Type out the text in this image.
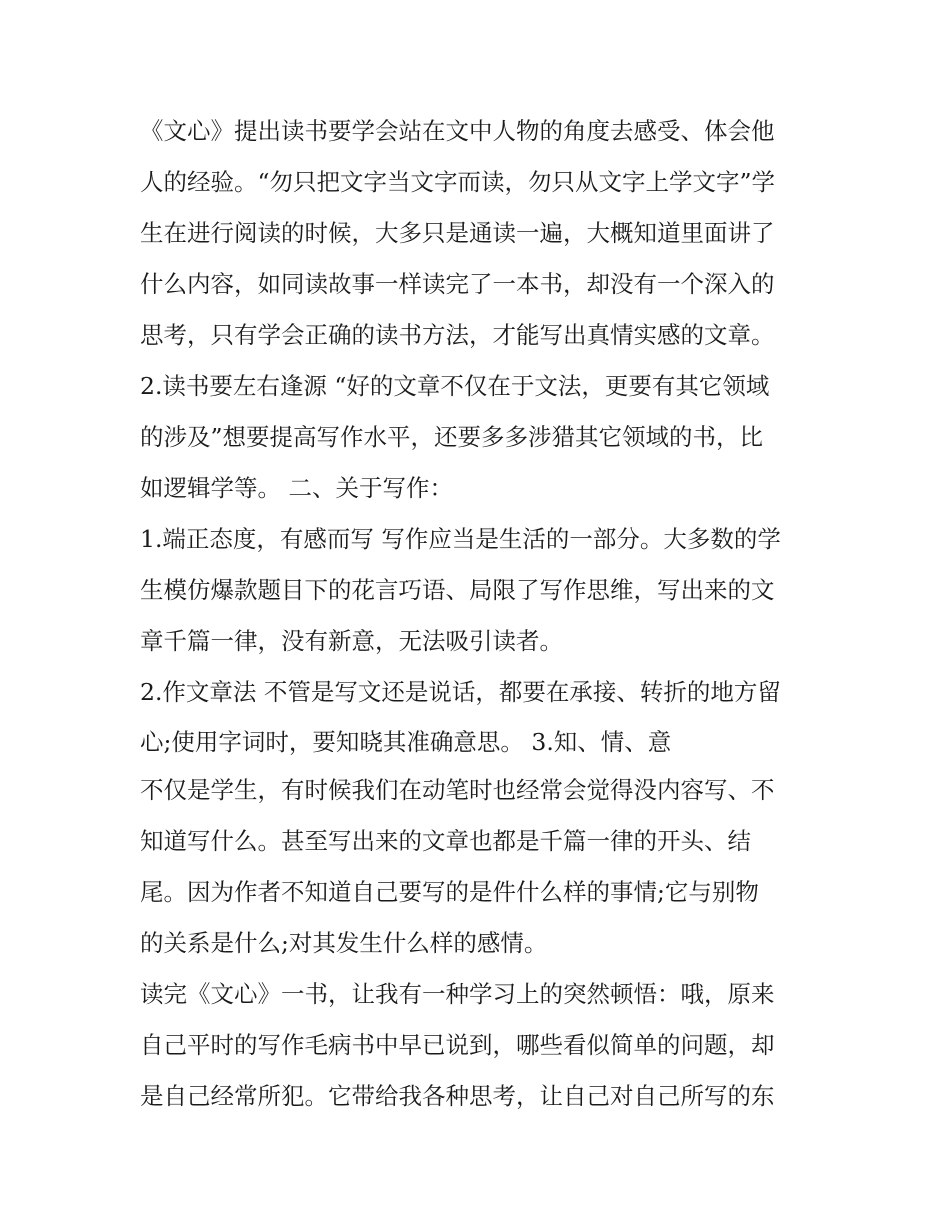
《文心》提出读书要学会站在文中人物的角度去感受、体会他
人的经验。“勿只把文字当文字而读，勿只从文字上学文字”学
生在进行阅读的时候，大多只是通读一遍，大概知道里面讲了
什么内容，如同读故事一样读完了一本书，却没有一个深入的
思考，只有学会正确的读书方法，才能写出真情实感的文章。
2.读书要左右逢源 “好的文章不仅在于文法，更要有其它领域
的涉及”想要提高写作水平，还要多多涉猎其它领域的书，比
如逻辑学等。 二、关于写作：
1.端正态度，有感而写 写作应当是生活的一部分。大多数的学
生模仿爆款题目下的花言巧语、局限了写作思维，写出来的文
章千篇一律，没有新意，无法吸引读者。
2.作文章法 不管是写文还是说话，都要在承接、转折的地方留
心;使用字词时，要知晓其准确意思。 3.知、情、意
不仅是学生，有时候我们在动笔时也经常会觉得没内容写、不
知道写什么。甚至写出来的文章也都是千篇一律的开头、结
尾。因为作者不知道自己要写的是件什么样的事情;它与别物
的关系是什么;对其发生什么样的感情。
读完《文心》一书，让我有一种学习上的突然顿悟：哦，原来
自己平时的写作毛病书中早已说到，哪些看似简单的问题，却
是自己经常所犯。它带给我各种思考，让自己对自己所写的东
